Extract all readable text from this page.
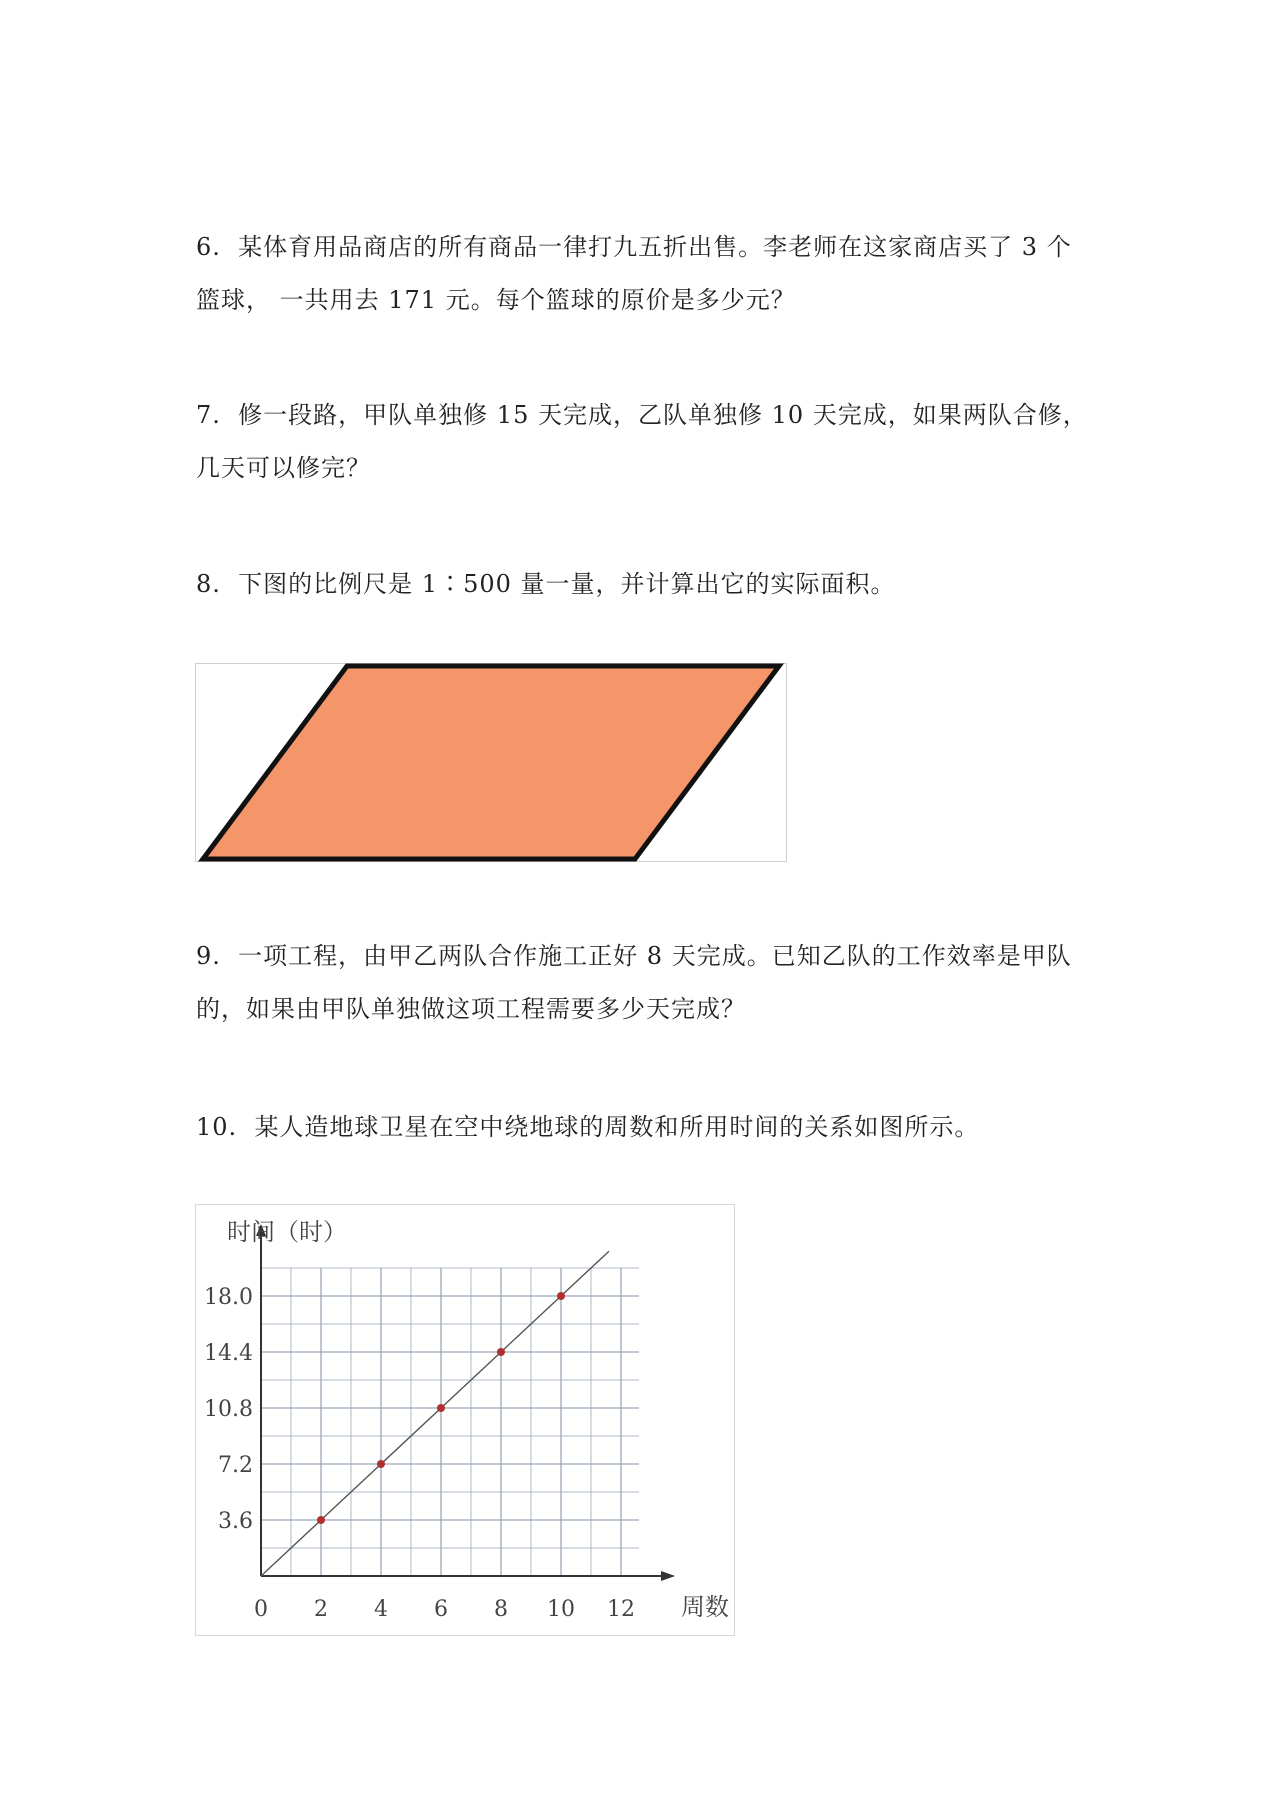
6. 某体育用品商店的所有商品一律打九五折出售。李老师在这家商店买了 3 个
篮球， 一共用去 171 元。每个篮球的原价是多少元？
7. 修一段路，甲队单独修 15 天完成，乙队单独修 10 天完成，如果两队合修，
几天可以修完？
8. 下图的比例尺是 1∶500 量一量，并计算出它的实际面积。
9. 一项工程，由甲乙两队合作施工正好 8 天完成。已知乙队的工作效率是甲队
的，如果由甲队单独做这项工程需要多少天完成？
10. 某人造地球卫星在空中绕地球的周数和所用时间的关系如图所示。
时间（时）
周数
0 2 4 6 8 10 12
3.6
7.2
10.8
14.4
18.0
